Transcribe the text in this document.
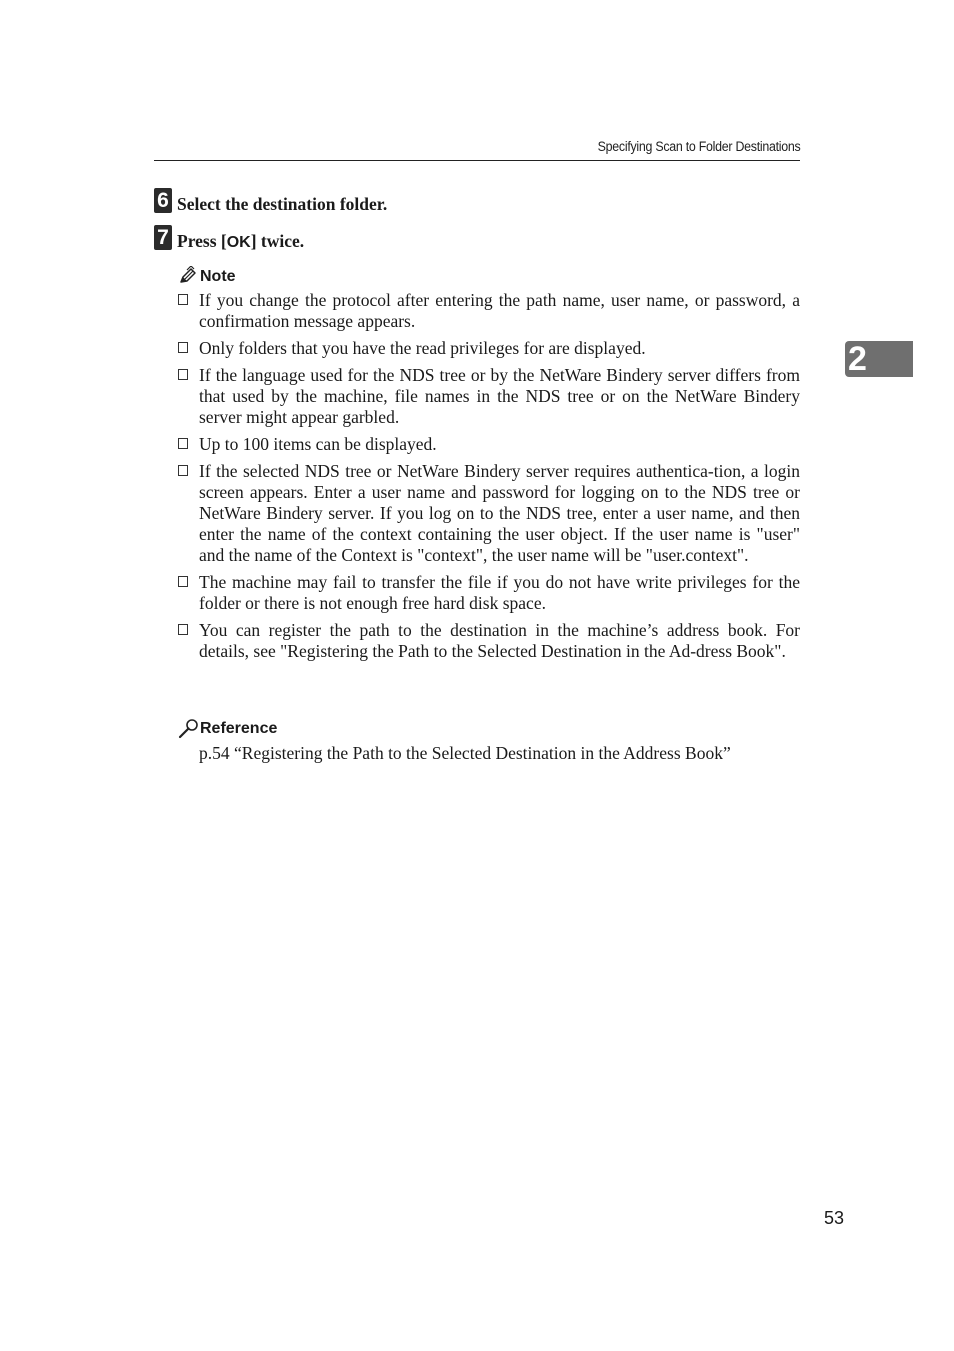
Specifying Scan to Folder Destinations
2
6 Select the destination folder.
7 Press [OK] twice.
Note
If you change the protocol after entering the path name, user name, or password, a confirmation message appears.
Only folders that you have the read privileges for are displayed.
If the language used for the NDS tree or by the NetWare Bindery server differs from that used by the machine, file names in the NDS tree or on the NetWare Bindery server might appear garbled.
Up to 100 items can be displayed.
If the selected NDS tree or NetWare Bindery server requires authentica-tion, a login screen appears. Enter a user name and password for logging on to the NDS tree or NetWare Bindery server. If you log on to the NDS tree, enter a user name, and then enter the name of the context containing the user object. If the user name is "user" and the name of the Context is "context", the user name will be "user.context".
The machine may fail to transfer the file if you do not have write privileges for the folder or there is not enough free hard disk space.
You can register the path to the destination in the machine’s address book. For details, see "Registering the Path to the Selected Destination in the Ad-dress Book".
Reference
p.54 “Registering the Path to the Selected Destination in the Address Book”
53
